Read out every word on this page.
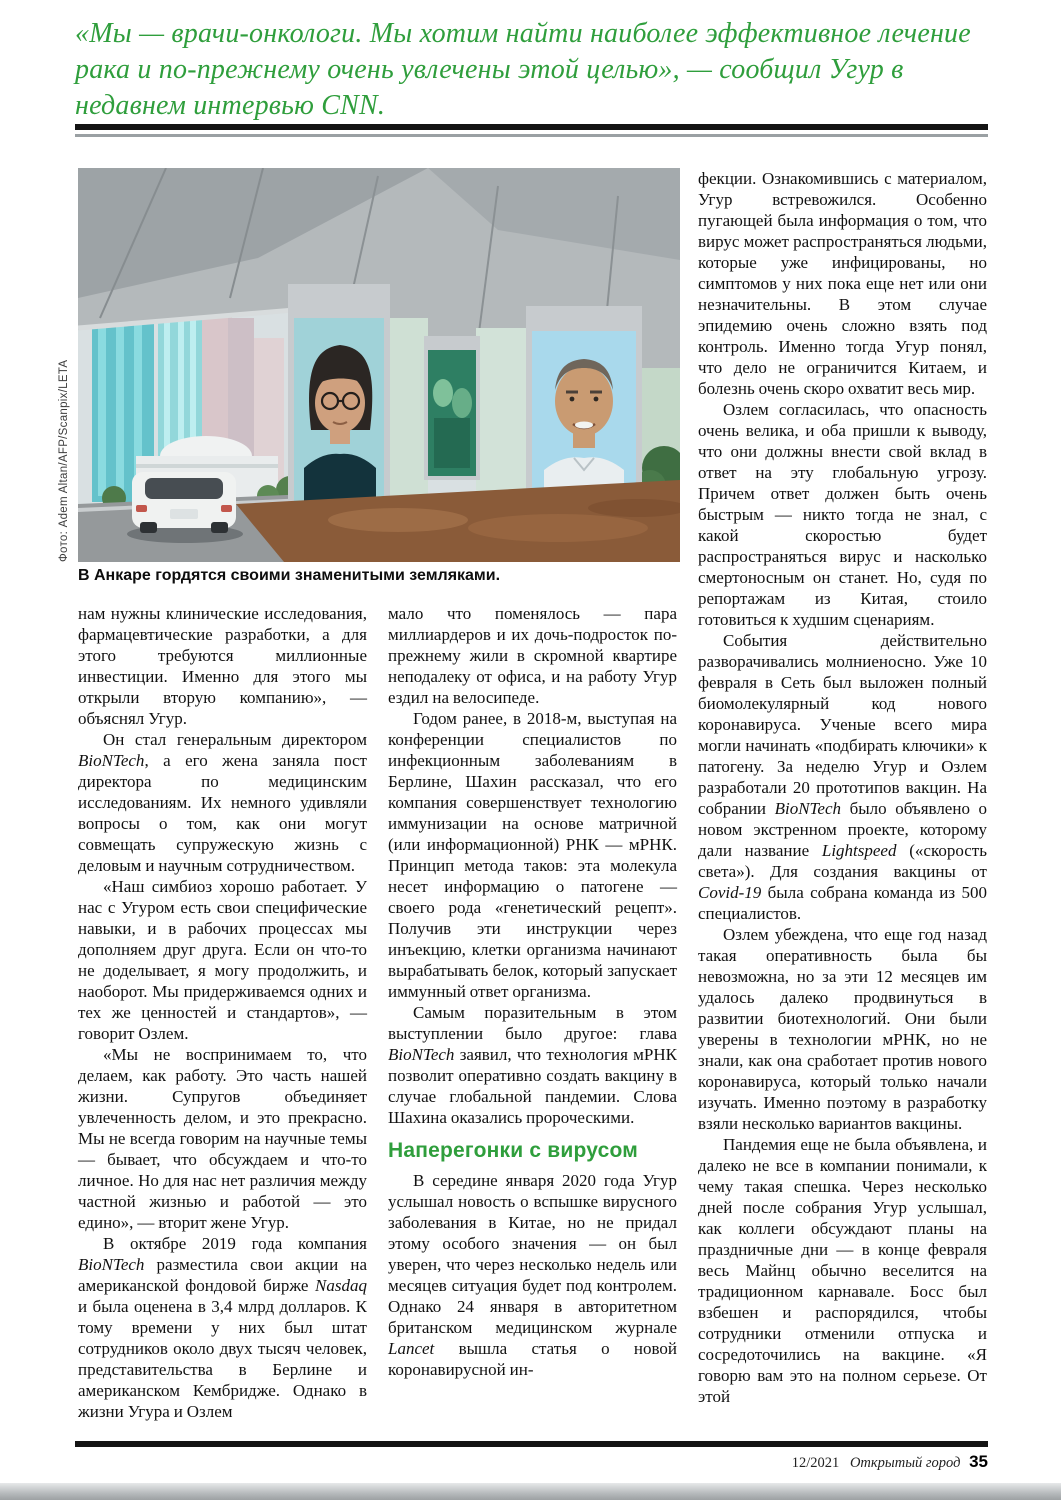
«Мы — врачи-онкологи. Мы хотим найти наиболее эффективное лечение рака и по-прежнему очень увлечены этой целью», — сообщил Угур в недавнем интервью CNN.
Фото: Adem Altan/AFP/Scanpix/LETA
В Анкаре гордятся своими знаменитыми земляками.

нам нужны клинические исследования, фармацевтические разработки, а для этого требуются миллионные инвестиции. Именно для этого мы открыли вторую компанию», — объяснял Угур.

Он стал генеральным директором BioNTech, а его жена заняла пост директора по медицинским исследованиям. Их немного удивляли вопросы о том, как они могут совмещать супружескую жизнь с деловым и научным сотрудничеством.

«Наш симбиоз хорошо работает. У нас с Угуром есть свои специфические навыки, и в рабочих процессах мы дополняем друг друга. Если он что-то не доделывает, я могу продолжить, и наоборот. Мы придерживаемся одних и тех же ценностей и стандартов», — говорит Озлем.

«Мы не воспринимаем то, что делаем, как работу. Это часть нашей жизни. Супругов объединяет увлеченность делом, и это прекрасно. Мы не всегда говорим на научные темы — бывает, что обсуждаем и что-то личное. Но для нас нет различия между частной жизнью и работой — это едино», — вторит жене Угур.

В октябре 2019 года компания BioNTech разместила свои акции на американской фондовой бирже Nasdaq и была оценена в 3,4 млрд долларов. К тому времени у них был штат сотрудников около двух тысяч человек, представительства в Берлине и американском Кембридже. Однако в жизни Угура и Озлем

мало что поменялось — пара миллиардеров и их дочь-подросток по-прежнему жили в скромной квартире неподалеку от офиса, и на работу Угур ездил на велосипеде.

Годом ранее, в 2018-м, выступая на конференции специалистов по инфекционным заболеваниям в Берлине, Шахин рассказал, что его компания совершенствует технологию иммунизации на основе матричной (или информационной) РНК — мРНК. Принцип метода таков: эта молекула несет информацию о патогене — своего рода «генетический рецепт». Получив эти инструкции через инъекцию, клетки организма начинают вырабатывать белок, который запускает иммунный ответ организма.

Самым поразительным в этом выступлении было другое: глава BioNTech заявил, что технология мРНК позволит оперативно создать вакцину в случае глобальной пандемии. Слова Шахина оказались пророческими.

Наперегонки с вирусом

В середине января 2020 года Угур услышал новость о вспышке вирусного заболевания в Китае, но не придал этому особого значения — он был уверен, что через несколько недель или месяцев ситуация будет под контролем. Однако 24 января в авторитетном британском медицинском журнале Lancet вышла статья о новой коронавирусной ин-

фекции. Ознакомившись с материалом, Угур встревожился. Особенно пугающей была информация о том, что вирус может распространяться людьми, которые уже инфицированы, но симптомов у них пока еще нет или они незначительны. В этом случае эпидемию очень сложно взять под контроль. Именно тогда Угур понял, что дело не ограничится Китаем, и болезнь очень скоро охватит весь мир.

Озлем согласилась, что опасность очень велика, и оба пришли к выводу, что они должны внести свой вклад в ответ на эту глобальную угрозу. Причем ответ должен быть очень быстрым — никто тогда не знал, с какой скоростью будет распространяться вирус и насколько смертоносным он станет. Но, судя по репортажам из Китая, стоило готовиться к худшим сценариям.

События действительно разворачивались молниеносно. Уже 10 февраля в Сеть был выложен полный биомолекулярный код нового коронавируса. Ученые всего мира могли начинать «подбирать ключики» к патогену. За неделю Угур и Озлем разработали 20 прототипов вакцин. На собрании BioNTech было объявлено о новом экстренном проекте, которому дали название Lightspeed («скорость света»). Для создания вакцины от Covid-19 была собрана команда из 500 специалистов.

Озлем убеждена, что еще год назад такая оперативность была бы невозможна, но за эти 12 месяцев им удалось далеко продвинуться в развитии биотехнологий. Они были уверены в технологии мРНК, но не знали, как она сработает против нового коронавируса, который только начали изучать. Именно поэтому в разработку взяли несколько вариантов вакцины.

Пандемия еще не была объявлена, и далеко не все в компании понимали, к чему такая спешка. Через несколько дней после собрания Угур услышал, как коллеги обсуждают планы на праздничные дни — в конце февраля весь Майнц обычно веселится на традиционном карнавале. Босс был взбешен и распорядился, чтобы сотрудники отменили отпуска и сосредоточились на вакцине. «Я говорю вам это на полном серьезе. От этой

12/2021 Открытый город 35
